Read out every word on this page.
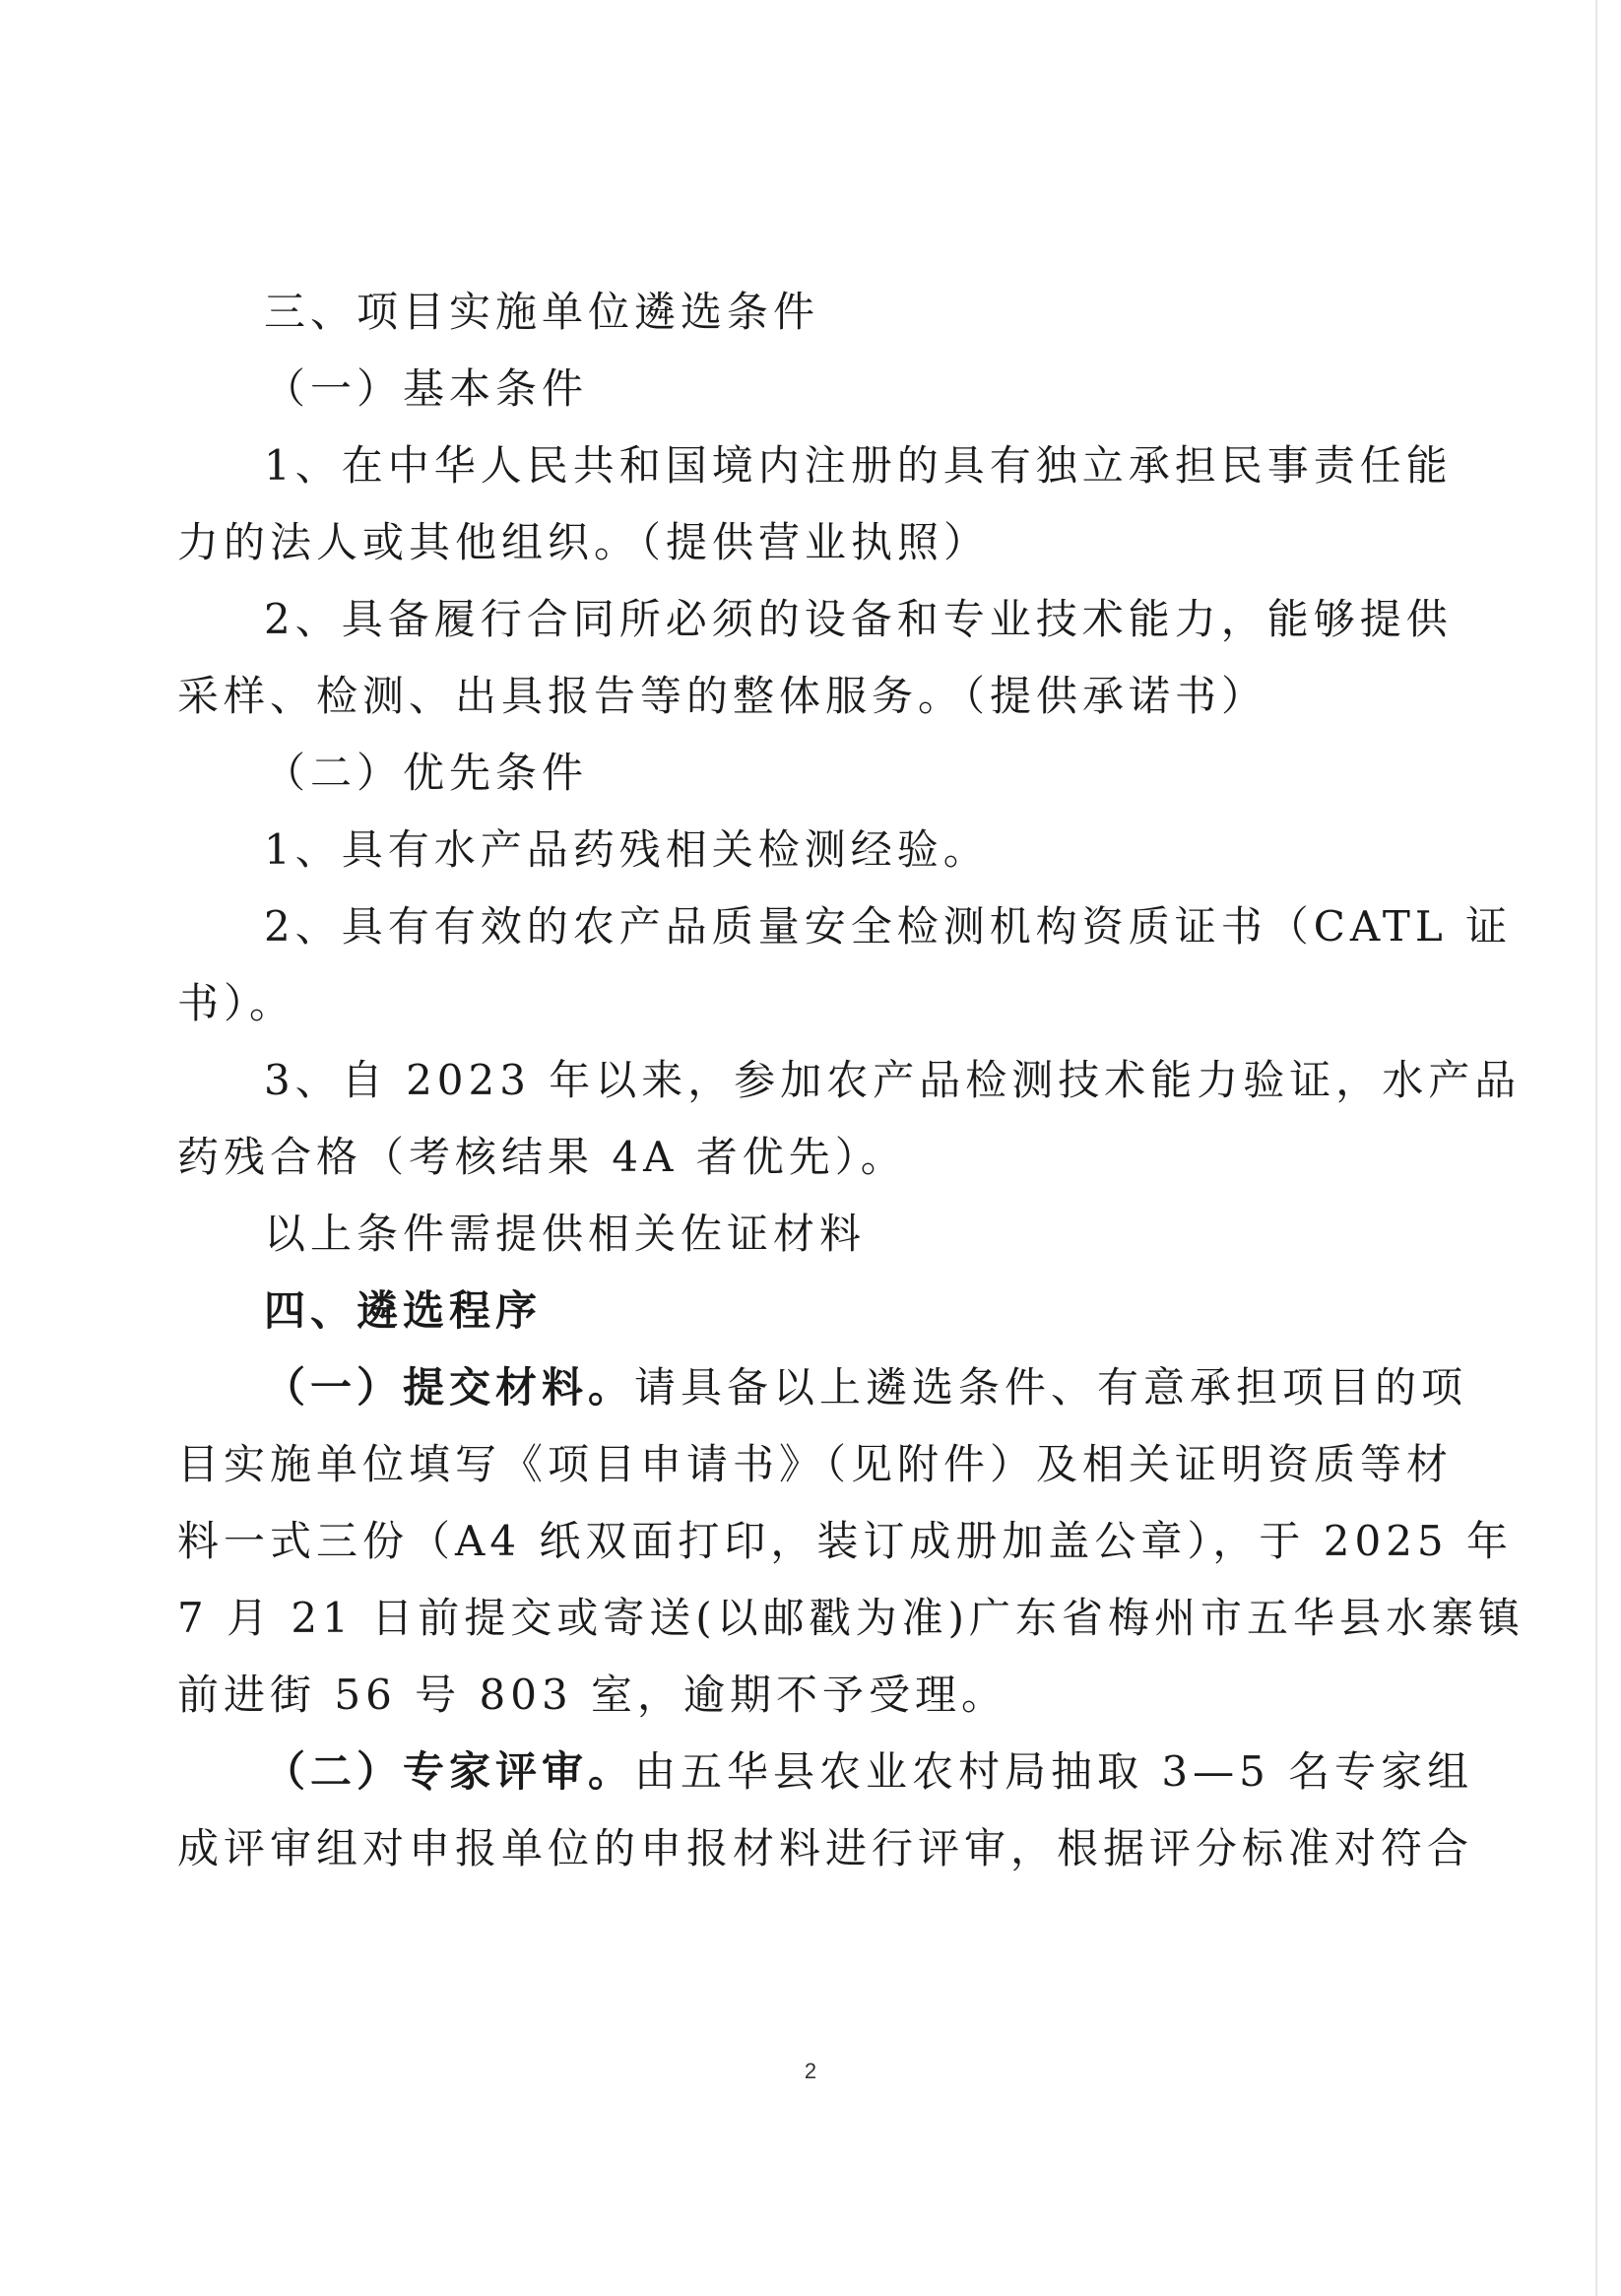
三、项目实施单位遴选条件

（一）基本条件

1、在中华人民共和国境内注册的具有独立承担民事责任能

力的法人或其他组织。（提供营业执照）

2、具备履行合同所必须的设备和专业技术能力，能够提供

采样、检测、出具报告等的整体服务。（提供承诺书）

（二）优先条件

1、具有水产品药残相关检测经验。

2、具有有效的农产品质量安全检测机构资质证书（CATL 证

书）。

3、自 2023 年以来，参加农产品检测技术能力验证，水产品

药残合格（考核结果 4A 者优先）。

以上条件需提供相关佐证材料

四、遴选程序

（一）提交材料。请具备以上遴选条件、有意承担项目的项

目实施单位填写《项目申请书》（见附件）及相关证明资质等材

料一式三份（A4 纸双面打印，装订成册加盖公章），于 2025 年

7 月 21 日前提交或寄送(以邮戳为准)广东省梅州市五华县水寨镇

前进街 56 号 803 室，逾期不予受理。

（二）专家评审。由五华县农业农村局抽取 3—5 名专家组

成评审组对申报单位的申报材料进行评审，根据评分标准对符合

2
